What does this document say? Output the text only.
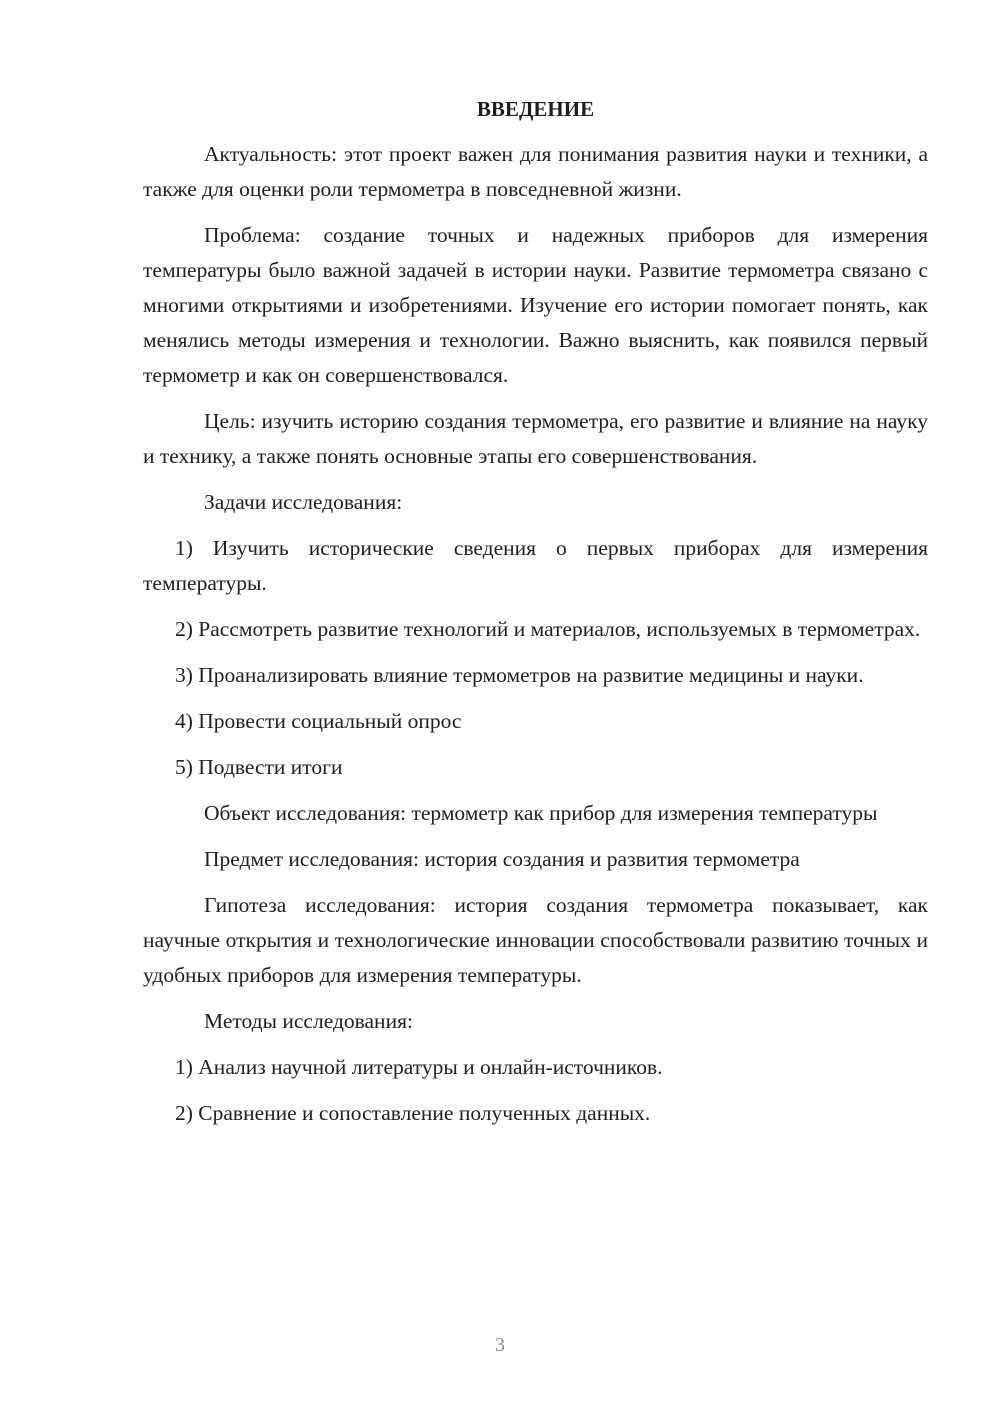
ВВЕДЕНИЕ

Актуальность: этот проект важен для понимания развития науки и техники, а также для оценки роли термометра в повседневной жизни.

Проблема: создание точных и надежных приборов для измерения температуры было важной задачей в истории науки. Развитие термометра связано с многими открытиями и изобретениями. Изучение его истории помогает понять, как менялись методы измерения и технологии. Важно выяснить, как появился первый термометр и как он совершенствовался.

Цель: изучить историю создания термометра, его развитие и влияние на науку и технику, а также понять основные этапы его совершенствования.

Задачи исследования:

1) Изучить исторические сведения о первых приборах для измерения температуры.

2) Рассмотреть развитие технологий и материалов, используемых в термометрах.

3) Проанализировать влияние термометров на развитие медицины и науки.

4) Провести социальный опрос

5) Подвести итоги

Объект исследования: термометр как прибор для измерения температуры

Предмет исследования: история создания и развития термометра

Гипотеза исследования: история создания термометра показывает, как научные открытия и технологические инновации способствовали развитию точных и удобных приборов для измерения температуры.

Методы исследования:

1) Анализ научной литературы и онлайн-источников.

2) Сравнение и сопоставление полученных данных.

3
